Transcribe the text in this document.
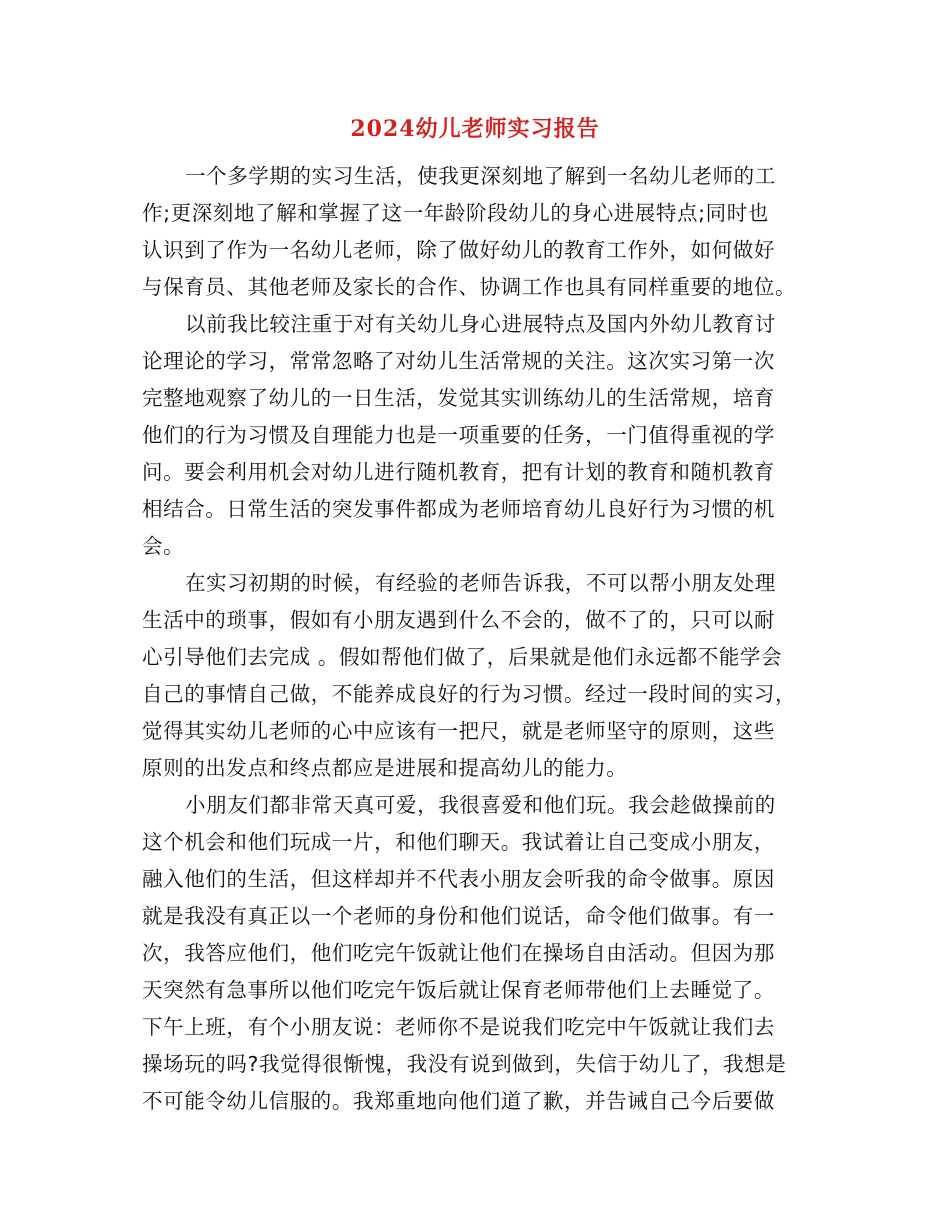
2024幼儿老师实习报告
一个多学期的实习生活，使我更深刻地了解到一名幼儿老师的工
作;更深刻地了解和掌握了这一年龄阶段幼儿的身心进展特点;同时也
认识到了作为一名幼儿老师，除了做好幼儿的教育工作外，如何做好
与保育员、其他老师及家长的合作、协调工作也具有同样重要的地位。
以前我比较注重于对有关幼儿身心进展特点及国内外幼儿教育讨
论理论的学习，常常忽略了对幼儿生活常规的关注。这次实习第一次
完整地观察了幼儿的一日生活，发觉其实训练幼儿的生活常规，培育
他们的行为习惯及自理能力也是一项重要的任务，一门值得重视的学
问。要会利用机会对幼儿进行随机教育，把有计划的教育和随机教育
相结合。日常生活的突发事件都成为老师培育幼儿良好行为习惯的机
会。
在实习初期的时候，有经验的老师告诉我，不可以帮小朋友处理
生活中的琐事，假如有小朋友遇到什么不会的，做不了的，只可以耐
心引导他们去完成 。假如帮他们做了，后果就是他们永远都不能学会
自己的事情自己做，不能养成良好的行为习惯。经过一段时间的实习，
觉得其实幼儿老师的心中应该有一把尺，就是老师坚守的原则，这些
原则的出发点和终点都应是进展和提高幼儿的能力。
小朋友们都非常天真可爱，我很喜爱和他们玩。我会趁做操前的
这个机会和他们玩成一片，和他们聊天。我试着让自己变成小朋友，
融入他们的生活，但这样却并不代表小朋友会听我的命令做事。原因
就是我没有真正以一个老师的身份和他们说话，命令他们做事。有一
次，我答应他们，他们吃完午饭就让他们在操场自由活动。但因为那
天突然有急事所以他们吃完午饭后就让保育老师带他们上去睡觉了。
下午上班，有个小朋友说：老师你不是说我们吃完中午饭就让我们去
操场玩的吗?我觉得很惭愧，我没有说到做到，失信于幼儿了，我想是
不可能令幼儿信服的。我郑重地向他们道了歉，并告诫自己今后要做
